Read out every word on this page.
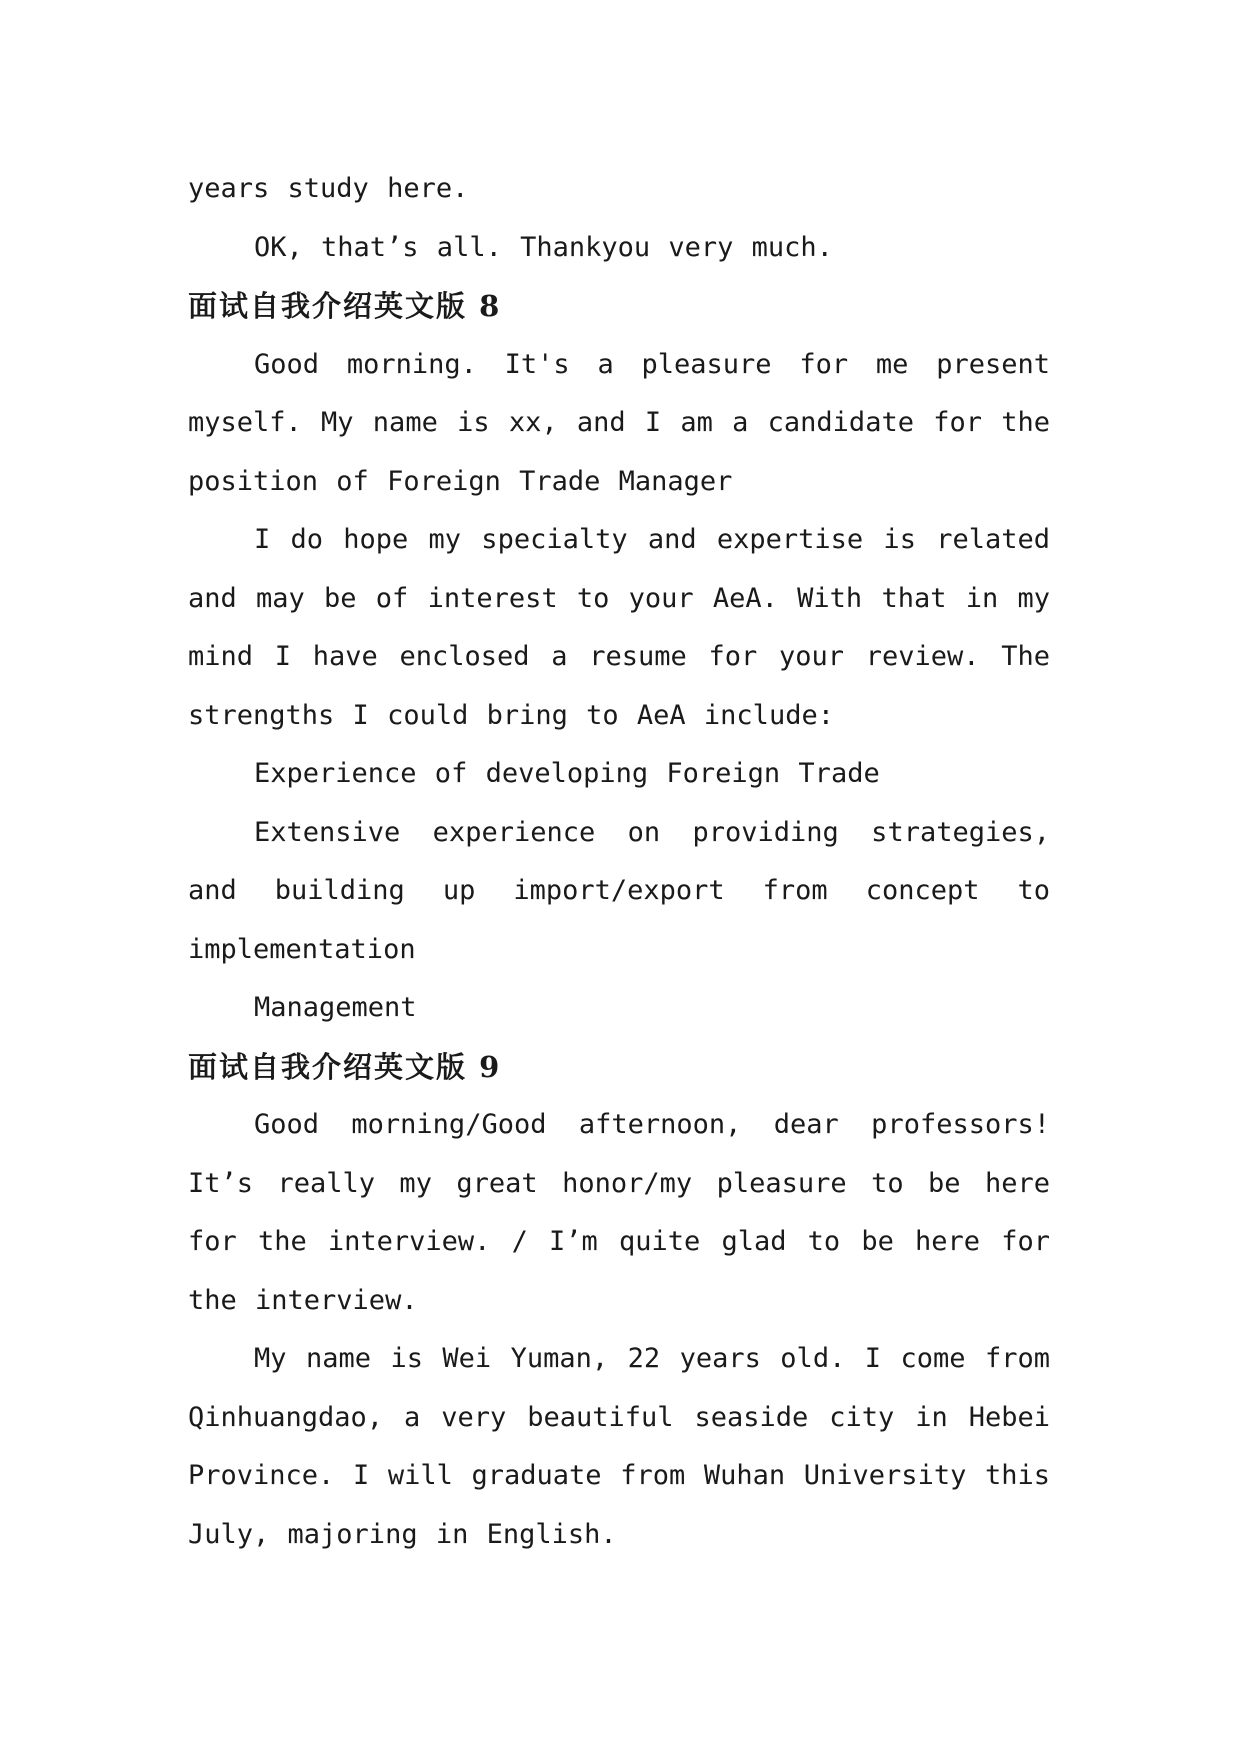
years study here.

OK, that’s all. Thankyou very much.

面试自我介绍英文版 8

Good morning. It's a pleasure for me present myself. My name is xx, and I am a candidate for the position of Foreign Trade Manager

I do hope my specialty and expertise is related and may be of interest to your AeA. With that in my mind I have enclosed a resume for your review. The strengths I could bring to AeA include:

Experience of developing Foreign Trade

Extensive experience on providing strategies, and building up import/export from concept to implementation

Management

面试自我介绍英文版 9

Good morning/Good afternoon, dear professors! It’s really my great honor/my pleasure to be here for the interview. / I’m quite glad to be here for the interview.

My name is Wei Yuman, 22 years old. I come from Qinhuangdao, a very beautiful seaside city in Hebei Province. I will graduate from Wuhan University this July, majoring in English.
